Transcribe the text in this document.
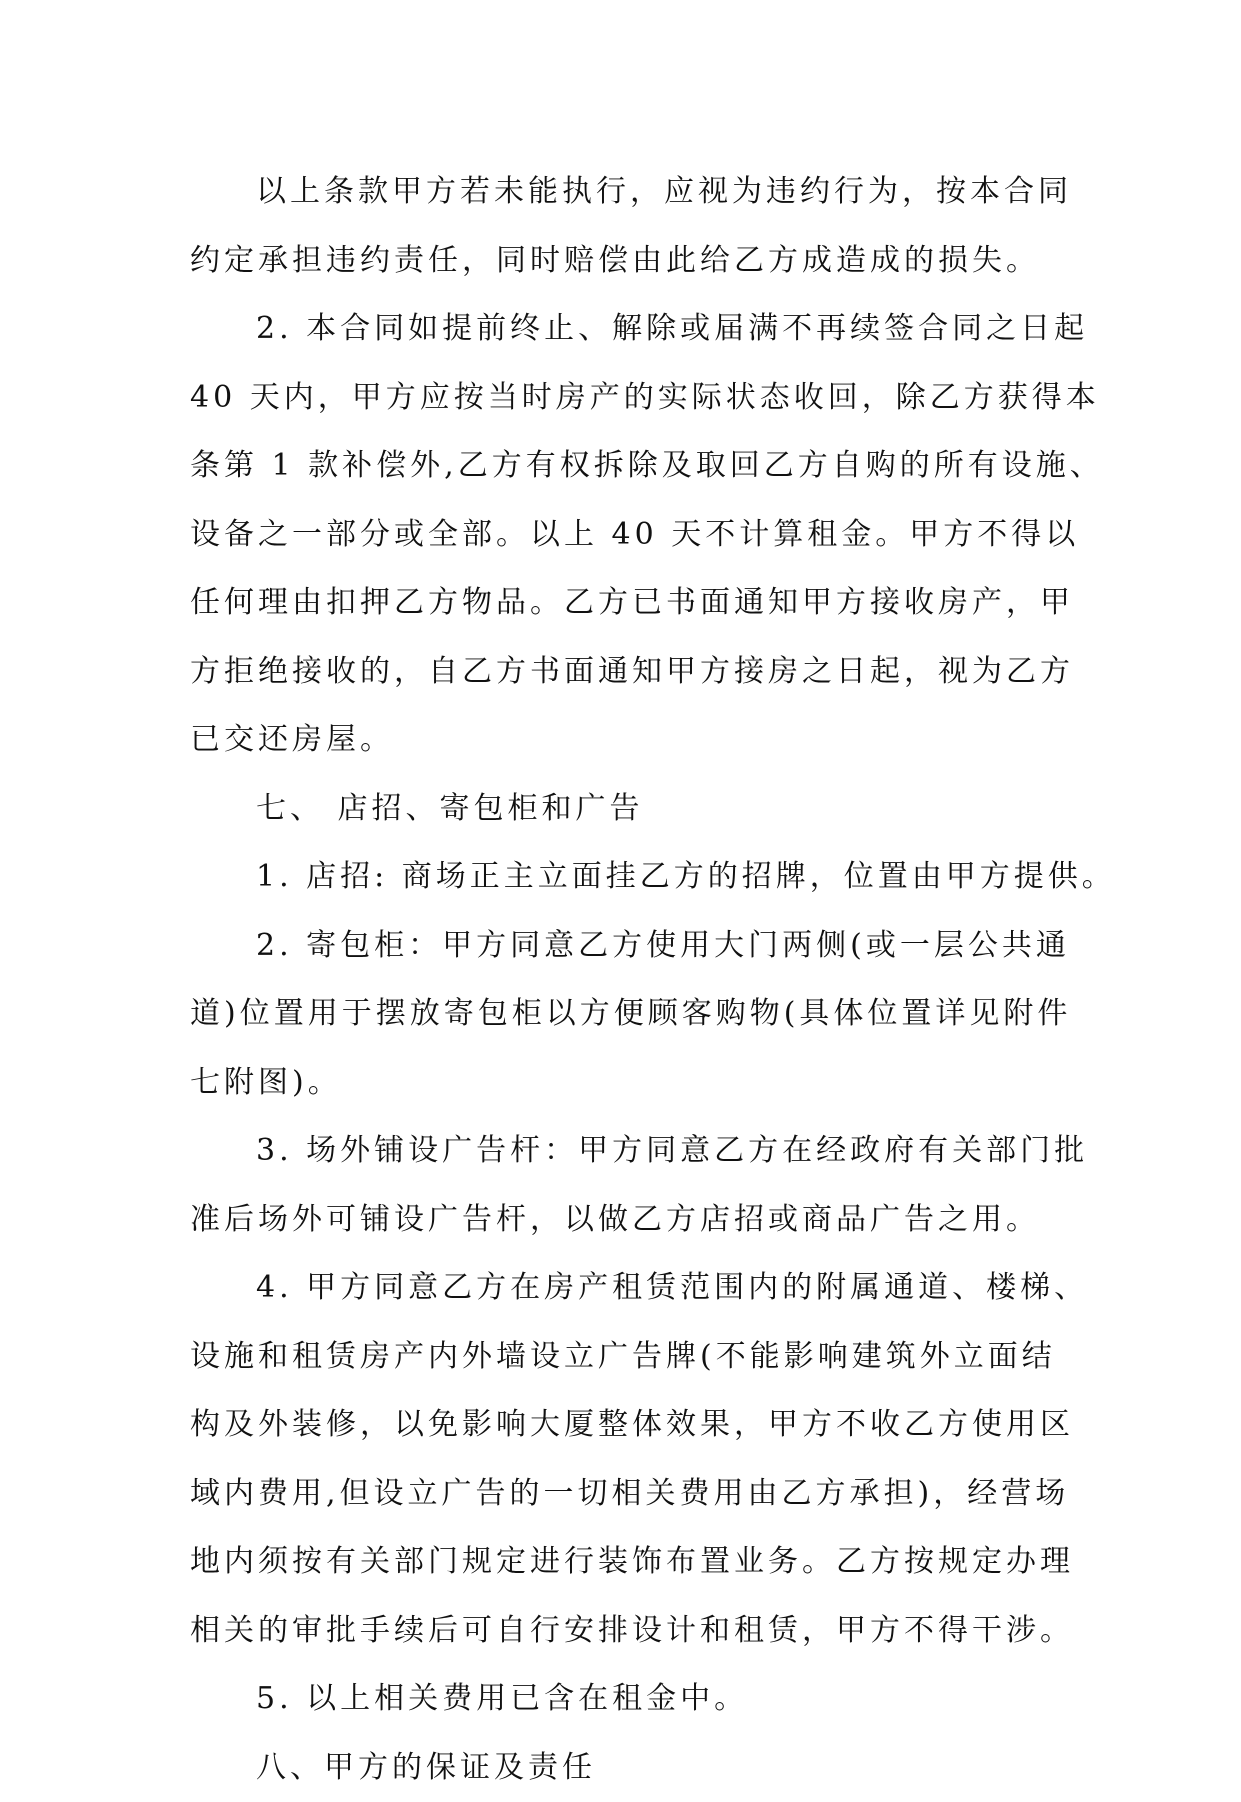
以上条款甲方若未能执行，应视为违约行为，按本合同
约定承担违约责任，同时赔偿由此给乙方成造成的损失。
2. 本合同如提前终止、解除或届满不再续签合同之日起
40 天内，甲方应按当时房产的实际状态收回，除乙方获得本
条第 1 款补偿外,乙方有权拆除及取回乙方自购的所有设施、
设备之一部分或全部。以上 40 天不计算租金。甲方不得以
任何理由扣押乙方物品。乙方已书面通知甲方接收房产，甲
方拒绝接收的，自乙方书面通知甲方接房之日起，视为乙方
已交还房屋。
七、 店招、寄包柜和广告
1. 店招: 商场正主立面挂乙方的招牌，位置由甲方提供。
2. 寄包柜：甲方同意乙方使用大门两侧(或一层公共通
道)位置用于摆放寄包柜以方便顾客购物(具体位置详见附件
七附图)。
3. 场外铺设广告杆：甲方同意乙方在经政府有关部门批
准后场外可铺设广告杆，以做乙方店招或商品广告之用。
4. 甲方同意乙方在房产租赁范围内的附属通道、楼梯、
设施和租赁房产内外墙设立广告牌(不能影响建筑外立面结
构及外装修，以免影响大厦整体效果，甲方不收乙方使用区
域内费用,但设立广告的一切相关费用由乙方承担)，经营场
地内须按有关部门规定进行装饰布置业务。乙方按规定办理
相关的审批手续后可自行安排设计和租赁，甲方不得干涉。
5. 以上相关费用已含在租金中。
八、甲方的保证及责任
